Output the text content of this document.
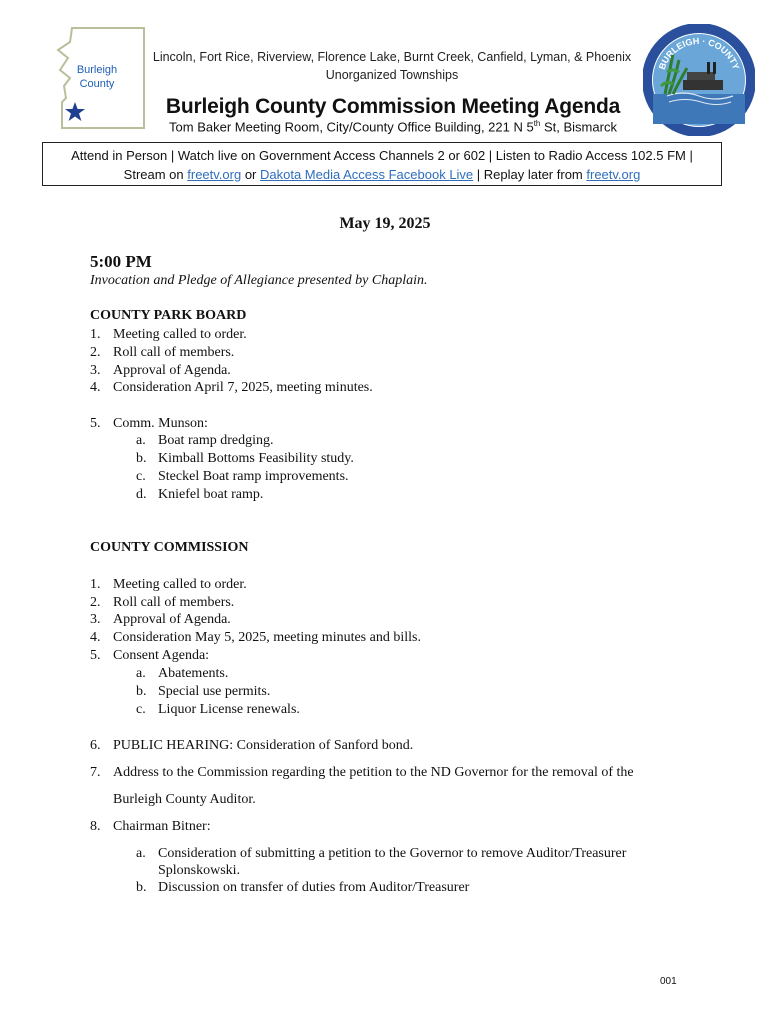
Burleigh
County
Lincoln, Fort Rice, Riverview, Florence Lake, Burnt Creek, Canfield, Lyman, & Phoenix
Unorganized Townships
Burleigh County Commission Meeting Agenda
Tom Baker Meeting Room, City/County Office Building, 221 N 5th St, Bismarck
BURLEIGH · COUNTY
Attend in Person | Watch live on Government Access Channels 2 or 602 | Listen to Radio Access 102.5 FM |
Stream on freetv.org or Dakota Media Access Facebook Live | Replay later from freetv.org
May 19, 2025
5:00 PM
Invocation and Pledge of Allegiance presented by Chaplain.
COUNTY PARK BOARD
1. Meeting called to order.
2. Roll call of members.
3. Approval of Agenda.
4. Consideration April 7, 2025, meeting minutes.
5. Comm. Munson:
a. Boat ramp dredging.
b. Kimball Bottoms Feasibility study.
c. Steckel Boat ramp improvements.
d. Kniefel boat ramp.
COUNTY COMMISSION
1. Meeting called to order.
2. Roll call of members.
3. Approval of Agenda.
4. Consideration May 5, 2025, meeting minutes and bills.
5. Consent Agenda:
a. Abatements.
b. Special use permits.
c. Liquor License renewals.
6. PUBLIC HEARING: Consideration of Sanford bond.
7. Address to the Commission regarding the petition to the ND Governor for the removal of the
Burleigh County Auditor.
8. Chairman Bitner:
a. Consideration of submitting a petition to the Governor to remove Auditor/Treasurer
Splonskowski.
b. Discussion on transfer of duties from Auditor/Treasurer
001
